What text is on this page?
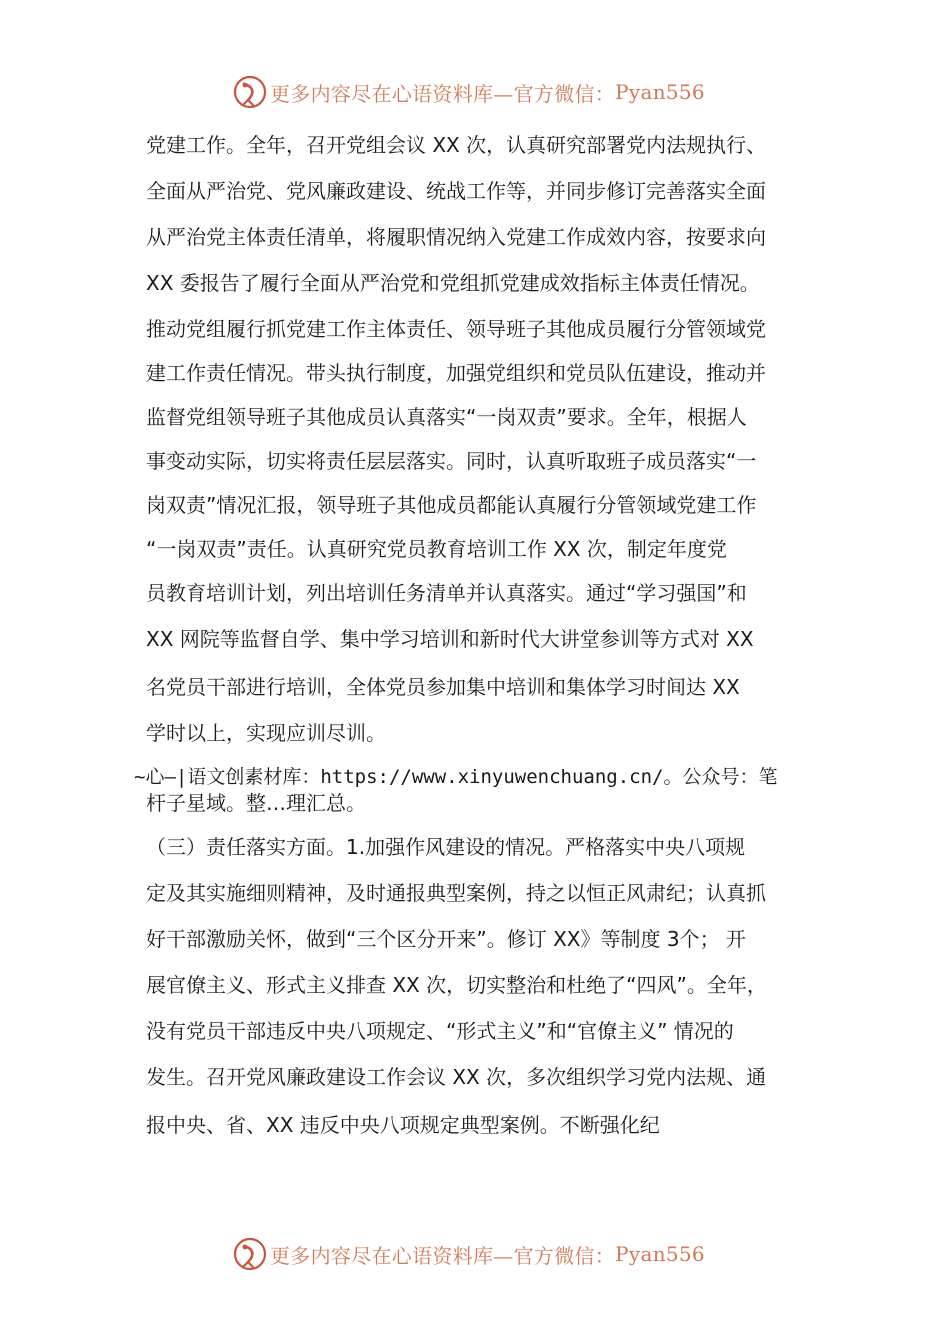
更多内容尽在心语资料库—官方微信： Pyan556
党建工作。全年，召开党组会议 XX 次，认真研究部署党内法规执行、
全面从严治党、党风廉政建设、统战工作等，并同步修订完善落实全面
从严治党主体责任清单，将履职情况纳入党建工作成效内容，按要求向
XX 委报告了履行全面从严治党和党组抓党建成效指标主体责任情况。
推动党组履行抓党建工作主体责任、领导班子其他成员履行分管领域党
建工作责任情况。带头执行制度，加强党组织和党员队伍建设，推动并
监督党组领导班子其他成员认真落实“一岗双责”要求。全年，根据人
事变动实际，切实将责任层层落实。同时，认真听取班子成员落实“一
岗双责”情况汇报，领导班子其他成员都能认真履行分管领域党建工作
“一岗双责”责任。认真研究党员教育培训工作 XX 次，制定年度党
员教育培训计划，列出培训任务清单并认真落实。通过“学习强国”和
XX 网院等监督自学、集中学习培训和新时代大讲堂参训等方式对 XX
名党员干部进行培训，全体党员参加集中培训和集体学习时间达 XX
学时以上，实现应训尽训。
~心—|语文创素材库：https://www.xinyuwenchuang.cn/。公众号：笔
杆子星域。整…理汇总。
（三）责任落实方面。1.加强作风建设的情况。严格落实中央八项规
定及其实施细则精神，及时通报典型案例，持之以恒正风肃纪；认真抓
好干部激励关怀，做到“三个区分开来”。修订 XX》等制度 3个； 开
展官僚主义、形式主义排查 XX 次，切实整治和杜绝了“四风”。全年，
没有党员干部违反中央八项规定、“形式主义”和“官僚主义” 情况的
发生。召开党风廉政建设工作会议 XX 次，多次组织学习党内法规、通
报中央、省、XX 违反中央八项规定典型案例。不断强化纪
更多内容尽在心语资料库—官方微信： Pyan556
